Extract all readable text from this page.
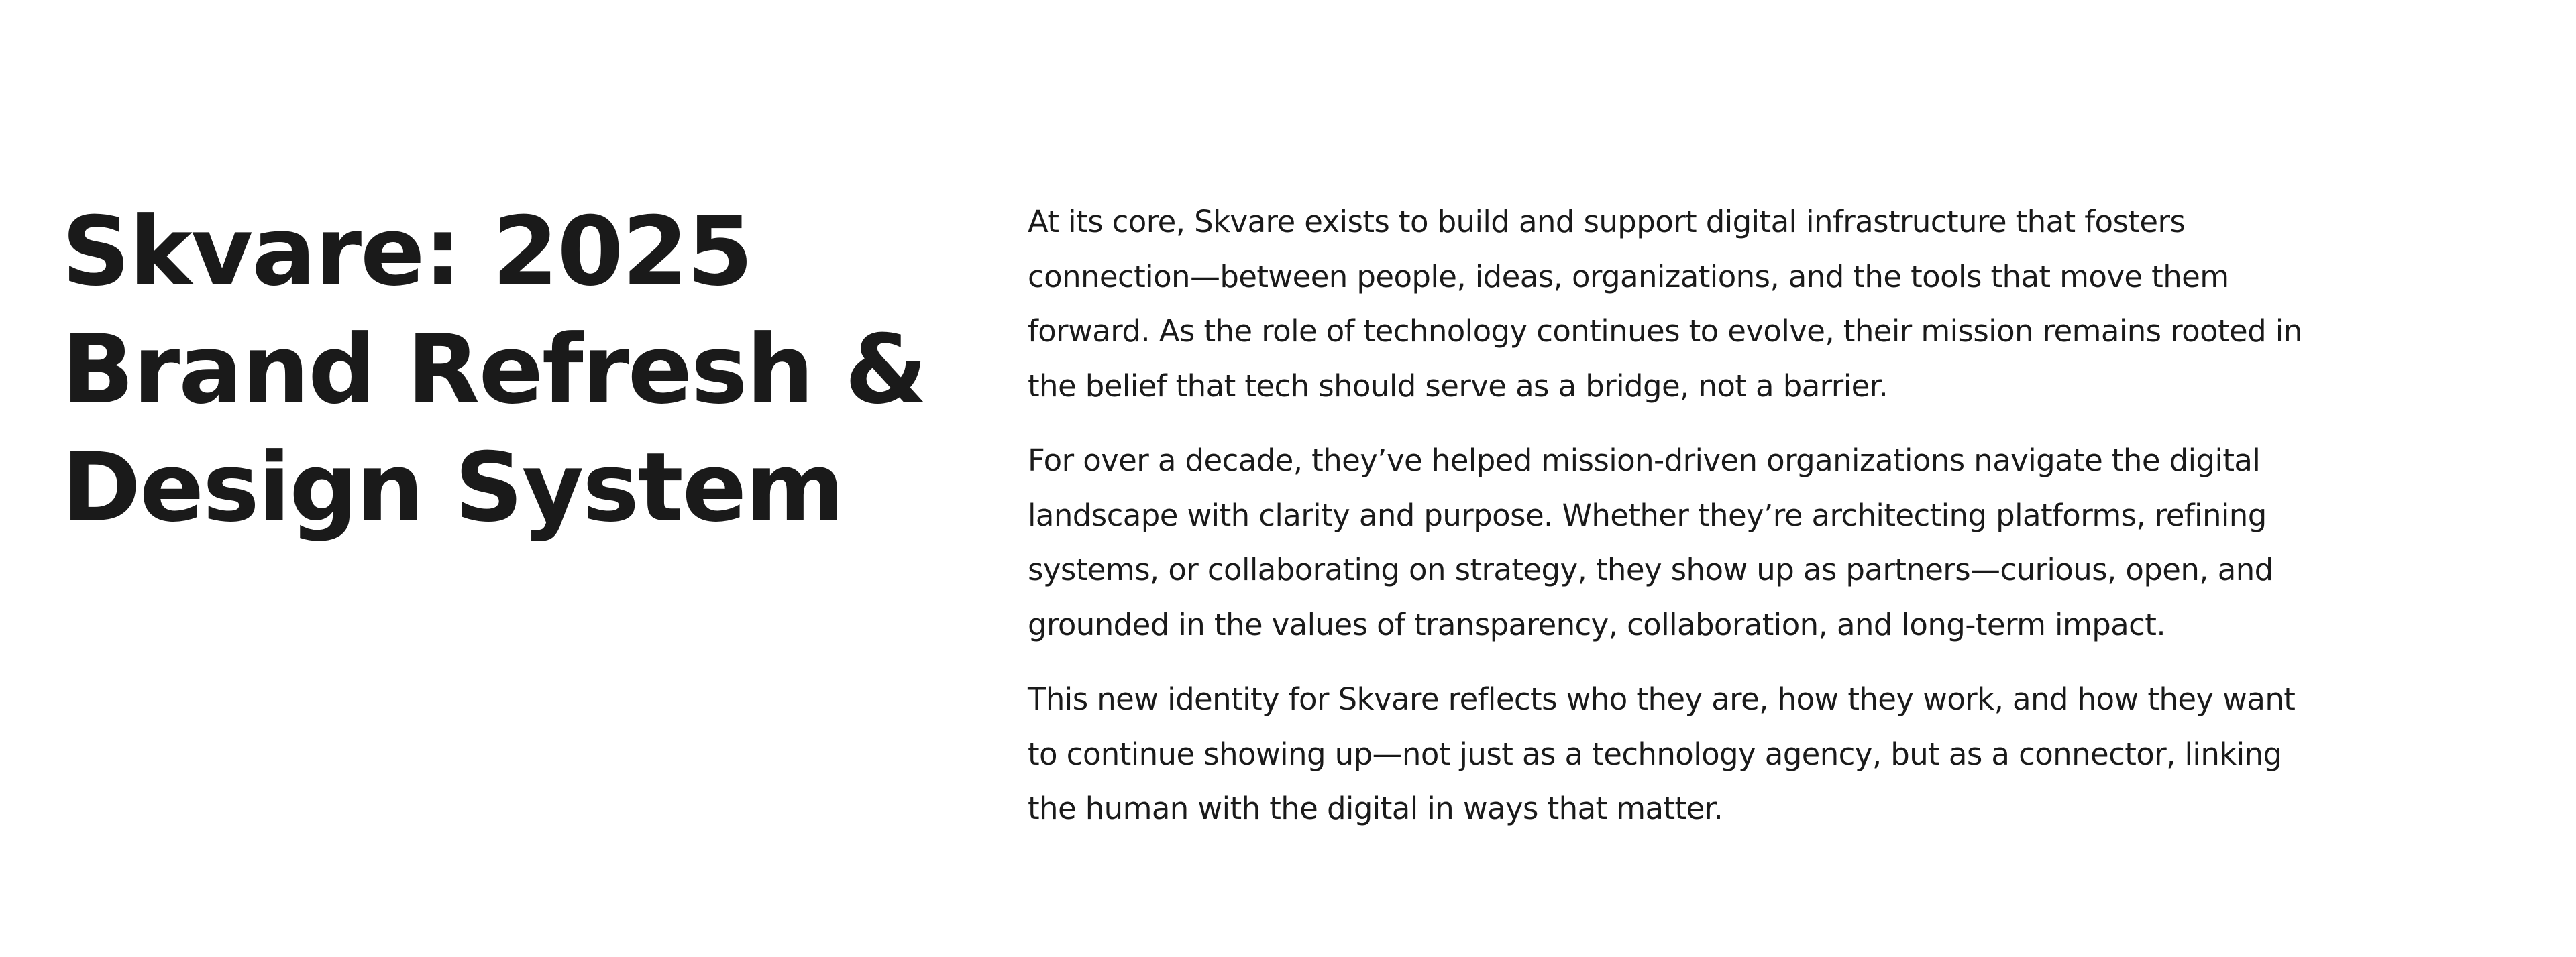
Skvare: 2025
Brand Refresh &
Design System

At its core, Skvare exists to build and support digital infrastructure that fosters
connection—between people, ideas, organizations, and the tools that move them
forward. As the role of technology continues to evolve, their mission remains rooted in
the belief that tech should serve as a bridge, not a barrier.

For over a decade, they’ve helped mission-driven organizations navigate the digital
landscape with clarity and purpose. Whether they’re architecting platforms, refining
systems, or collaborating on strategy, they show up as partners—curious, open, and
grounded in the values of transparency, collaboration, and long-term impact.

This new identity for Skvare reflects who they are, how they work, and how they want
to continue showing up—not just as a technology agency, but as a connector, linking
the human with the digital in ways that matter.
